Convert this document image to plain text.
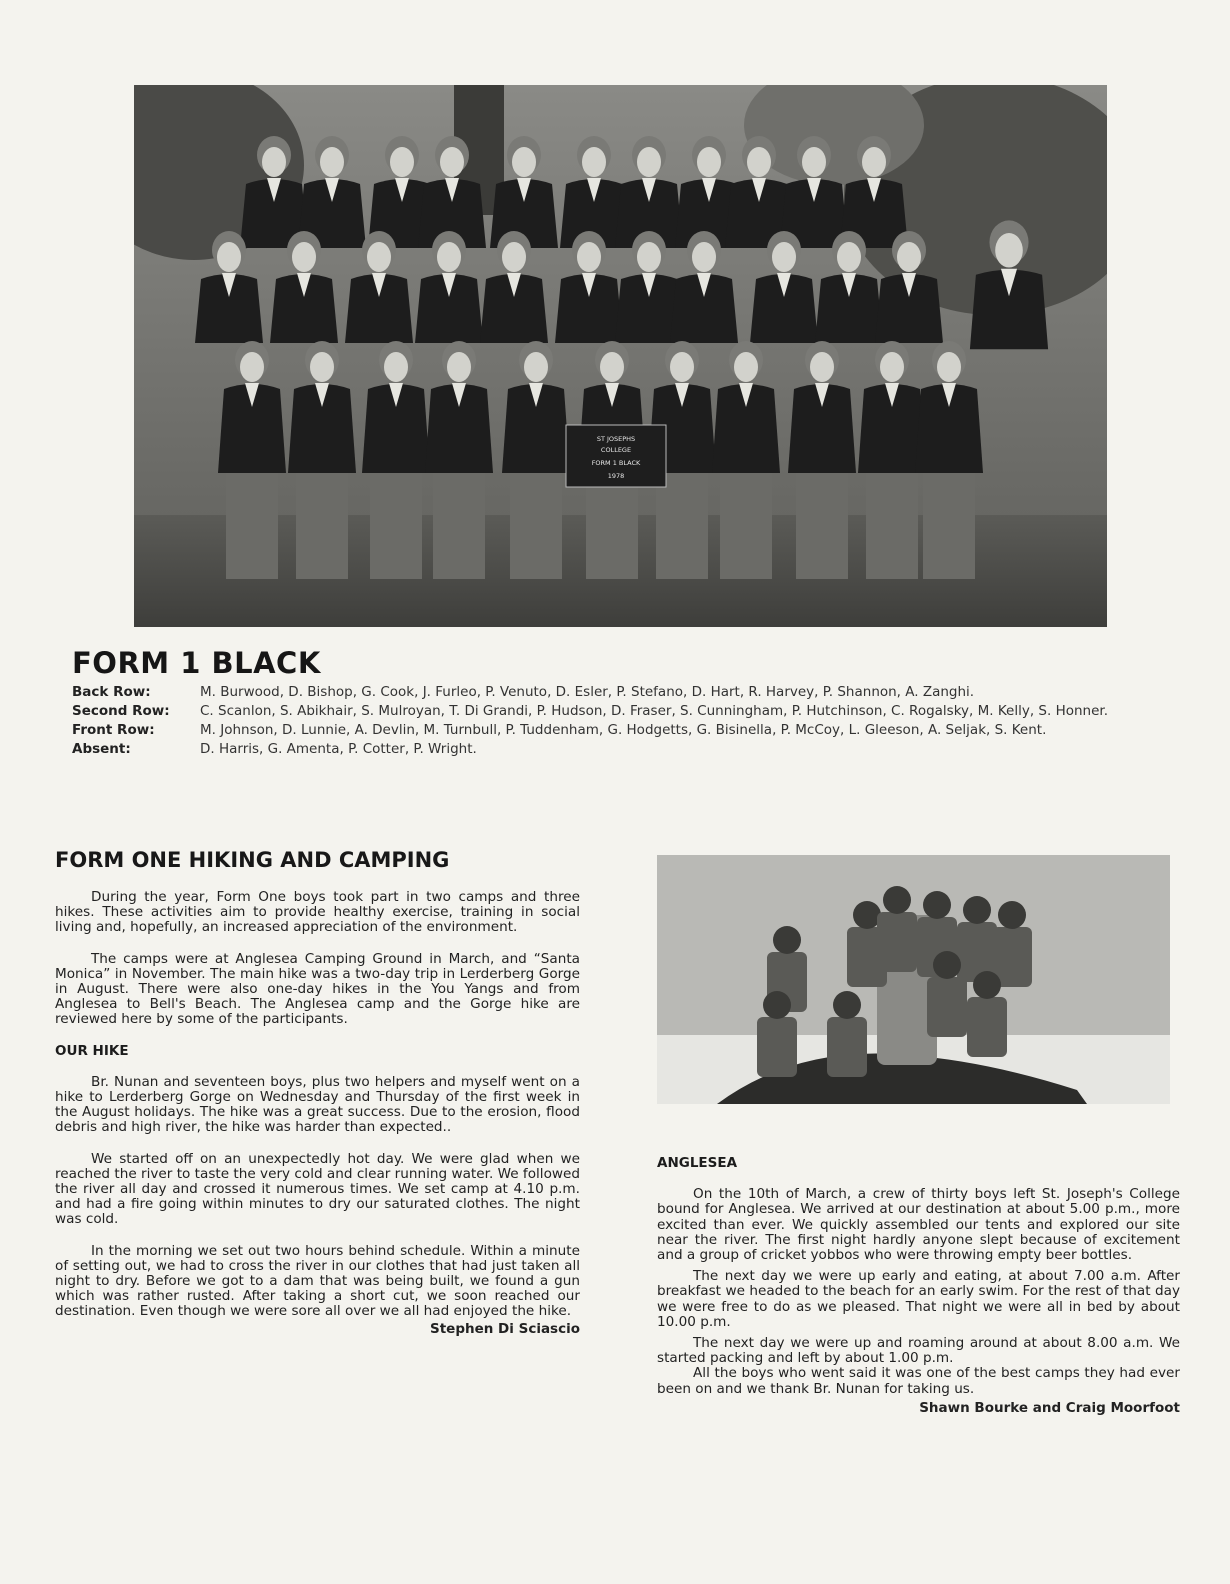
ST JOSEPHS
COLLEGE
FORM 1 BLACK
1978
FORM 1 BLACK
Back Row:	M. Burwood, D. Bishop, G. Cook, J. Furleo, P. Venuto, D. Esler, P. Stefano, D. Hart, R. Harvey, P. Shannon, A. Zanghi.
Second Row:	C. Scanlon, S. Abikhair, S. Mulroyan, T. Di Grandi, P. Hudson, D. Fraser, S. Cunningham, P. Hutchinson, C. Rogalsky, M. Kelly, S. Honner.
Front Row:	M. Johnson, D. Lunnie, A. Devlin, M. Turnbull, P. Tuddenham, G. Hodgetts, G. Bisinella, P. McCoy, L. Gleeson, A. Seljak, S. Kent.
Absent:	D. Harris, G. Amenta, P. Cotter, P. Wright.
FORM ONE HIKING AND CAMPING

During the year, Form One boys took part in two camps and three hikes. These activities aim to provide healthy exercise, training in social living and, hopefully, an increased appreciation of the environment.

The camps were at Anglesea Camping Ground in March, and “Santa Monica” in November. The main hike was a two-day trip in Lerderberg Gorge in August. There were also one-day hikes in the You Yangs and from Anglesea to Bell's Beach. The Anglesea camp and the Gorge hike are reviewed here by some of the participants.

OUR HIKE

Br. Nunan and seventeen boys, plus two helpers and myself went on a hike to Lerderberg Gorge on Wednesday and Thursday of the first week in the August holidays. The hike was a great success. Due to the erosion, flood debris and high river, the hike was harder than expected..

We started off on an unexpectedly hot day. We were glad when we reached the river to taste the very cold and clear running water. We followed the river all day and crossed it numerous times. We set camp at 4.10 p.m. and had a fire going within minutes to dry our saturated clothes. The night was cold.

In the morning we set out two hours behind schedule. Within a minute of setting out, we had to cross the river in our clothes that had just taken all night to dry. Before we got to a dam that was being built, we found a gun which was rather rusted. After taking a short cut, we soon reached our destination. Even though we were sore all over we all had enjoyed the hike.

Stephen Di Sciascio
ANGLESEA

On the 10th of March, a crew of thirty boys left St. Joseph's College bound for Anglesea. We arrived at our destination at about 5.00 p.m., more excited than ever. We quickly assembled our tents and explored our site near the river. The first night hardly anyone slept because of excitement and a group of cricket yobbos who were throwing empty beer bottles.

The next day we were up early and eating, at about 7.00 a.m. After breakfast we headed to the beach for an early swim. For the rest of that day we were free to do as we pleased. That night we were all in bed by about 10.00 p.m.

The next day we were up and roaming around at about 8.00 a.m. We started packing and left by about 1.00 p.m.

All the boys who went said it was one of the best camps they had ever been on and we thank Br. Nunan for taking us.

Shawn Bourke and Craig Moorfoot
